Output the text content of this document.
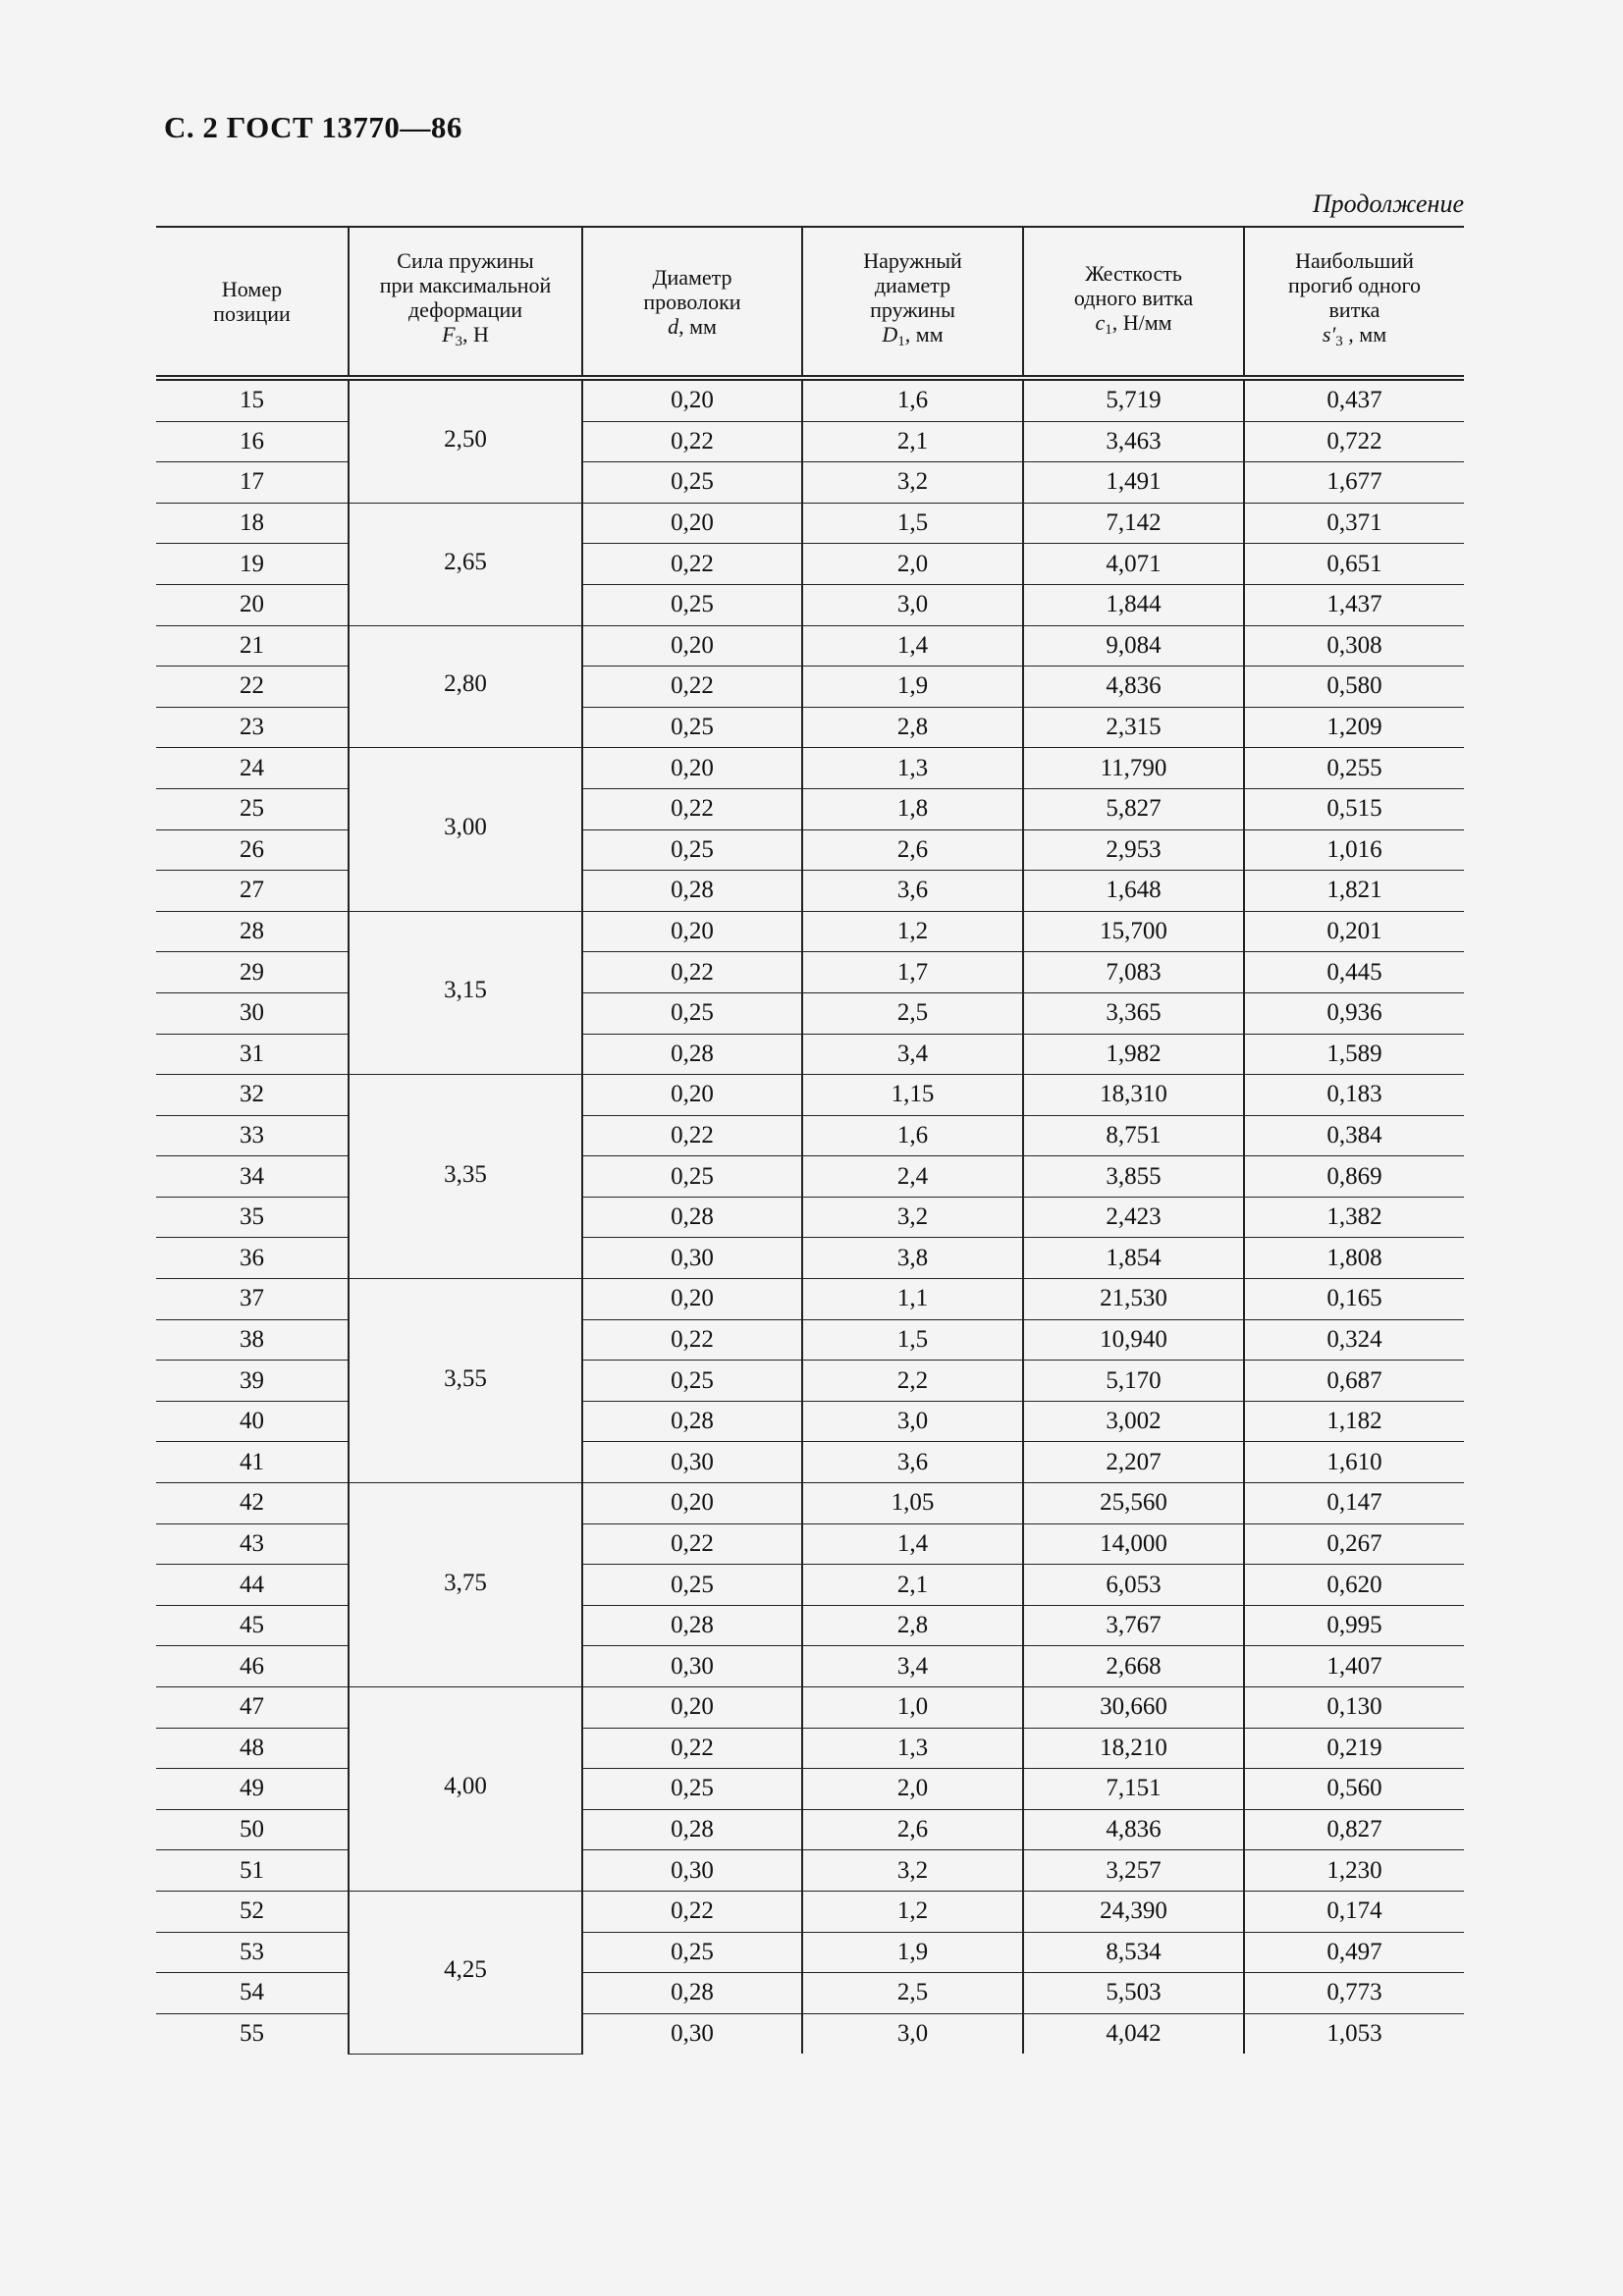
С. 2 ГОСТ 13770—86
Продолжение
Номер
позиции	Сила пружины
при максимальной
деформации
$F_3$, Н	Диаметр
проволоки
d, мм	Наружный
диаметр
пружины
$D_1$, мм	Жесткость
одного витка
$c_1$, Н/мм	Наибольший
прогиб одного
витка
$s'_3$ , мм
15	2,50	0,20	1,6	5,719	0,437
16		0,22	2,1	3,463	0,722
17		0,25	3,2	1,491	1,677
18	2,65	0,20	1,5	7,142	0,371
19		0,22	2,0	4,071	0,651
20		0,25	3,0	1,844	1,437
21	2,80	0,20	1,4	9,084	0,308
22		0,22	1,9	4,836	0,580
23		0,25	2,8	2,315	1,209
24	3,00	0,20	1,3	11,790	0,255
25		0,22	1,8	5,827	0,515
26		0,25	2,6	2,953	1,016
27		0,28	3,6	1,648	1,821
28	3,15	0,20	1,2	15,700	0,201
29		0,22	1,7	7,083	0,445
30		0,25	2,5	3,365	0,936
31		0,28	3,4	1,982	1,589
32	3,35	0,20	1,15	18,310	0,183
33		0,22	1,6	8,751	0,384
34		0,25	2,4	3,855	0,869
35		0,28	3,2	2,423	1,382
36		0,30	3,8	1,854	1,808
37	3,55	0,20	1,1	21,530	0,165
38		0,22	1,5	10,940	0,324
39		0,25	2,2	5,170	0,687
40		0,28	3,0	3,002	1,182
41		0,30	3,6	2,207	1,610
42	3,75	0,20	1,05	25,560	0,147
43		0,22	1,4	14,000	0,267
44		0,25	2,1	6,053	0,620
45		0,28	2,8	3,767	0,995
46		0,30	3,4	2,668	1,407
47	4,00	0,20	1,0	30,660	0,130
48		0,22	1,3	18,210	0,219
49		0,25	2,0	7,151	0,560
50		0,28	2,6	4,836	0,827
51		0,30	3,2	3,257	1,230
52	4,25	0,22	1,2	24,390	0,174
53		0,25	1,9	8,534	0,497
54		0,28	2,5	5,503	0,773
55		0,30	3,0	4,042	1,053
